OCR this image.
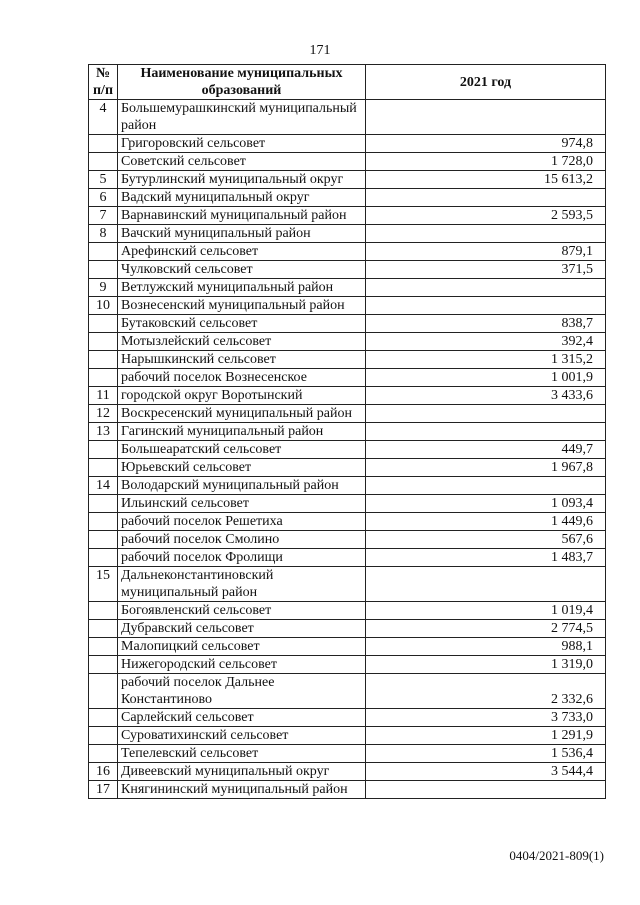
171
№ п/п	Наименование муниципальных образований	2021 год
4	Большемурашкинский муниципальный район	
	Григоровский сельсовет	974,8
	Советский сельсовет	1 728,0
5	Бутурлинский муниципальный округ	15 613,2
6	Вадский муниципальный округ	
7	Варнавинский муниципальный район	2 593,5
8	Вачский муниципальный район	
	Арефинский сельсовет	879,1
	Чулковский сельсовет	371,5
9	Ветлужский муниципальный район	
10	Вознесенский муниципальный район	
	Бутаковский сельсовет	838,7
	Мотызлейский сельсовет	392,4
	Нарышкинский сельсовет	1 315,2
	рабочий поселок Вознесенское	1 001,9
11	городской округ Воротынский	3 433,6
12	Воскресенский муниципальный район	
13	Гагинский муниципальный район	
	Большеаратский сельсовет	449,7
	Юрьевский сельсовет	1 967,8
14	Володарский муниципальный район	
	Ильинский сельсовет	1 093,4
	рабочий поселок Решетиха	1 449,6
	рабочий поселок Смолино	567,6
	рабочий поселок Фролищи	1 483,7
15	Дальнеконстантиновский муниципальный район	
	Богоявленский сельсовет	1 019,4
	Дубравский сельсовет	2 774,5
	Малопицкий сельсовет	988,1
	Нижегородский сельсовет	1 319,0
	рабочий поселок Дальнее Константиново	2 332,6
	Сарлейский сельсовет	3 733,0
	Суроватихинский сельсовет	1 291,9
	Тепелевский сельсовет	1 536,4
16	Дивеевский муниципальный округ	3 544,4
17	Княгининский муниципальный район	
0404/2021-809(1)
